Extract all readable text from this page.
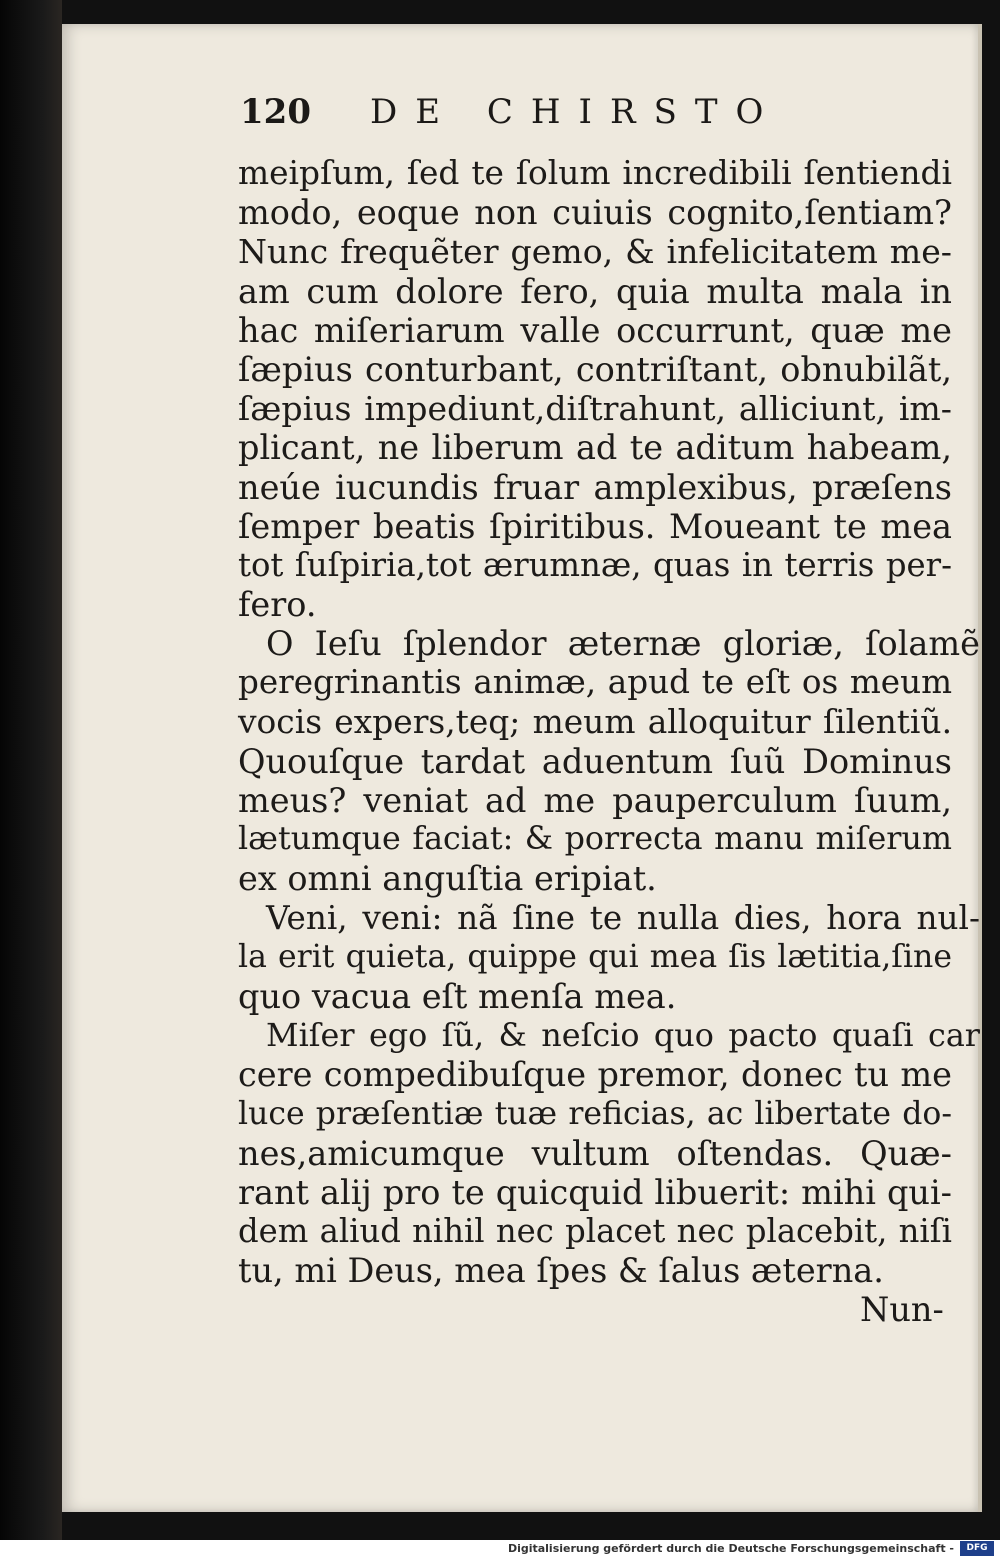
120 DE CHIRSTO
meipſum, ſed te ſolum incredibili ſentiendi
modo, eoque non cuiuis cognito,ſentiam?
Nunc frequẽter gemo, & infelicitatem me-
am cum dolore fero, quia multa mala in
hac miſeriarum valle occurrunt, quæ me
ſæpius conturbant, contriſtant, obnubilãt,
ſæpius impediunt,diſtrahunt, alliciunt, im-
plicant, ne liberum ad te aditum habeam,
neúe iucundis fruar amplexibus, præſens
ſemper beatis ſpiritibus. Moueant te mea
tot ſuſpiria,tot ærumnæ, quas in terris per-
fero.
O Ieſu ſplendor æternæ gloriæ, ſolamẽ
peregrinantis animæ, apud te eſt os meum
vocis expers,teq; meum alloquitur ſilentiũ.
Quouſque tardat aduentum ſuũ Dominus
meus? veniat ad me pauperculum ſuum,
lætumque faciat: & porrecta manu miſerum
ex omni anguſtia eripiat.
Veni, veni: nã ſine te nulla dies, hora nul-
la erit quieta, quippe qui mea ſis lætitia,ſine
quo vacua eſt menſa mea.
Miſer ego ſũ, & neſcio quo pacto quaſi car
cere compedibuſque premor, donec tu me
luce præſentiæ tuæ reficias, ac libertate do-
nes,amicumque vultum oſtendas. Quæ-
rant alij pro te quicquid libuerit: mihi qui-
dem aliud nihil nec placet nec placebit, niſi
tu, mi Deus, mea ſpes & ſalus æterna.
Nun-
Digitalisierung gefördert durch die Deutsche Forschungsgemeinschaft -	DFG
